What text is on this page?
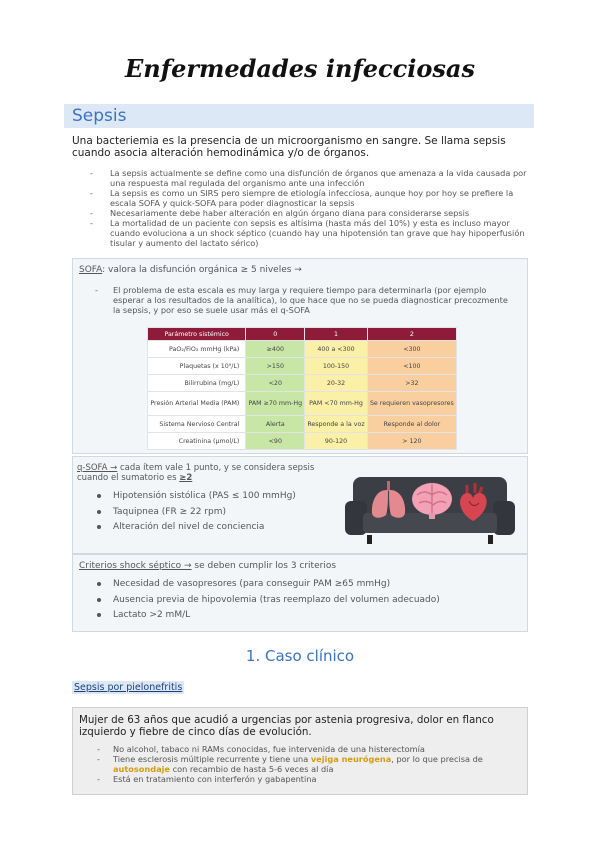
Enfermedades infecciosas
Sepsis

Una bacteriemia es la presencia de un microorganismo en sangre. Se llama sepsis cuando asocia alteración hemodinámica y/o de órganos.

- La sepsis actualmente se define como una disfunción de órganos que amenaza a la vida causada por una respuesta mal regulada del organismo ante una infección
- La sepsis es como un SIRS pero siempre de etiología infecciosa, aunque hoy por hoy se prefiere la escala SOFA y quick-SOFA para poder diagnosticar la sepsis
- Necesariamente debe haber alteración en algún órgano diana para considerarse sepsis
- La mortalidad de un paciente con sepsis es altísima (hasta más del 10%) y esta es incluso mayor cuando evoluciona a un shock séptico (cuando hay una hipotensión tan grave que hay hipoperfusión tisular y aumento del lactato sérico)
SOFA: valora la disfunción orgánica ≥ 5 niveles →
- El problema de esta escala es muy larga y requiere tiempo para determinarla (por ejemplo esperar a los resultados de la analítica), lo que hace que no se pueda diagnosticar precozmente la sepsis, y por eso se suele usar más el q-SOFA
Parámetro sistémico	0	1	2
PaO₂/FiO₂ mmHg (kPa)	≥400	400 a <300	<300
Plaquetas (x 10⁹/L)	>150	100-150	<100
Bilirrubina (mg/L)	<20	20-32	>32
Presión Arterial Media (PAM)	PAM ≥70 mm-Hg	PAM <70 mm-Hg	Se requieren vasopresores
Sistema Nervioso Central	Alerta	Responde a la voz	Responde al dolor
Creatinina (µmol/L)	<90	90-120	> 120
q-SOFA → cada ítem vale 1 punto, y se considera sepsis cuando el sumatorio es ≥2
Hipotensión sistólica (PAS ≤ 100 mmHg)
Taquipnea (FR ≥ 22 rpm)
Alteración del nivel de conciencia
Criterios shock séptico → se deben cumplir los 3 criterios
Necesidad de vasopresores (para conseguir PAM ≥65 mmHg)
Ausencia previa de hipovolemia (tras reemplazo del volumen adecuado)
Lactato >2 mM/L
1. Caso clínico
Sepsis por pielonefritis

Mujer de 63 años que acudió a urgencias por astenia progresiva, dolor en flanco izquierdo y fiebre de cinco días de evolución.

- No alcohol, tabaco ni RAMs conocidas, fue intervenida de una histerectomía
- Tiene esclerosis múltiple recurrente y tiene una vejiga neurógena, por lo que precisa de autosondaje con recambio de hasta 5-6 veces al día
- Está en tratamiento con interferón y gabapentina
